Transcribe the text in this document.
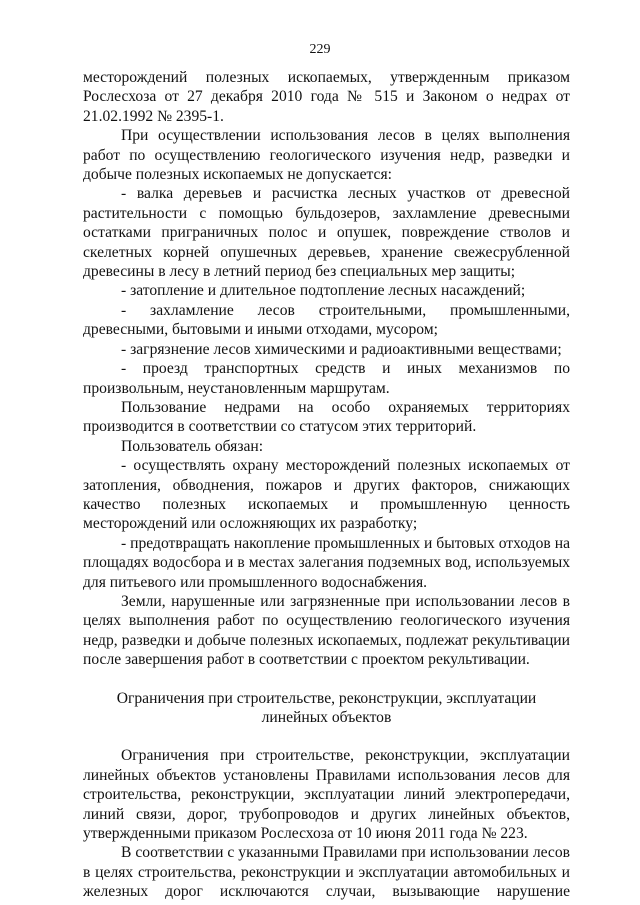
229

месторождений полезных ископаемых, утвержденным приказом Рослесхоза от 27 декабря 2010 года № 515 и Законом о недрах от 21.02.1992 № 2395-1.

При осуществлении использования лесов в целях выполнения работ по осуществлению геологического изучения недр, разведки и добыче полезных ископаемых не допускается:

- валка деревьев и расчистка лесных участков от древесной растительности с помощью бульдозеров, захламление древесными остатками приграничных полос и опушек, повреждение стволов и скелетных корней опушечных деревьев, хранение свежесрубленной древесины в лесу в летний период без специальных мер защиты;

- затопление и длительное подтопление лесных насаждений;

- захламление лесов строительными, промышленными, древесными, бытовыми и иными отходами, мусором;

- загрязнение лесов химическими и радиоактивными веществами;

- проезд транспортных средств и иных механизмов по произвольным, неустановленным маршрутам.

Пользование недрами на особо охраняемых территориях производится в соответствии со статусом этих территорий.

Пользователь обязан:

- осуществлять охрану месторождений полезных ископаемых от затопления, обводнения, пожаров и других факторов, снижающих качество полезных ископаемых и промышленную ценность месторождений или осложняющих их разработку;

- предотвращать накопление промышленных и бытовых отходов на площадях водосбора и в местах залегания подземных вод, используемых для питьевого или промышленного водоснабжения.

Земли, нарушенные или загрязненные при использовании лесов в целях выполнения работ по осуществлению геологического изучения недр, разведки и добыче полезных ископаемых, подлежат рекультивации после завершения работ в соответствии с проектом рекультивации.

Ограничения при строительстве, реконструкции, эксплуатации линейных объектов

Ограничения при строительстве, реконструкции, эксплуатации линейных объектов установлены Правилами использования лесов для строительства, реконструкции, эксплуатации линий электропередачи, линий связи, дорог, трубопроводов и других линейных объектов, утвержденными приказом Рослесхоза от 10 июня 2011 года № 223.

В соответствии с указанными Правилами при использовании лесов в целях строительства, реконструкции и эксплуатации автомобильных и железных дорог исключаются случаи, вызывающие нарушение
